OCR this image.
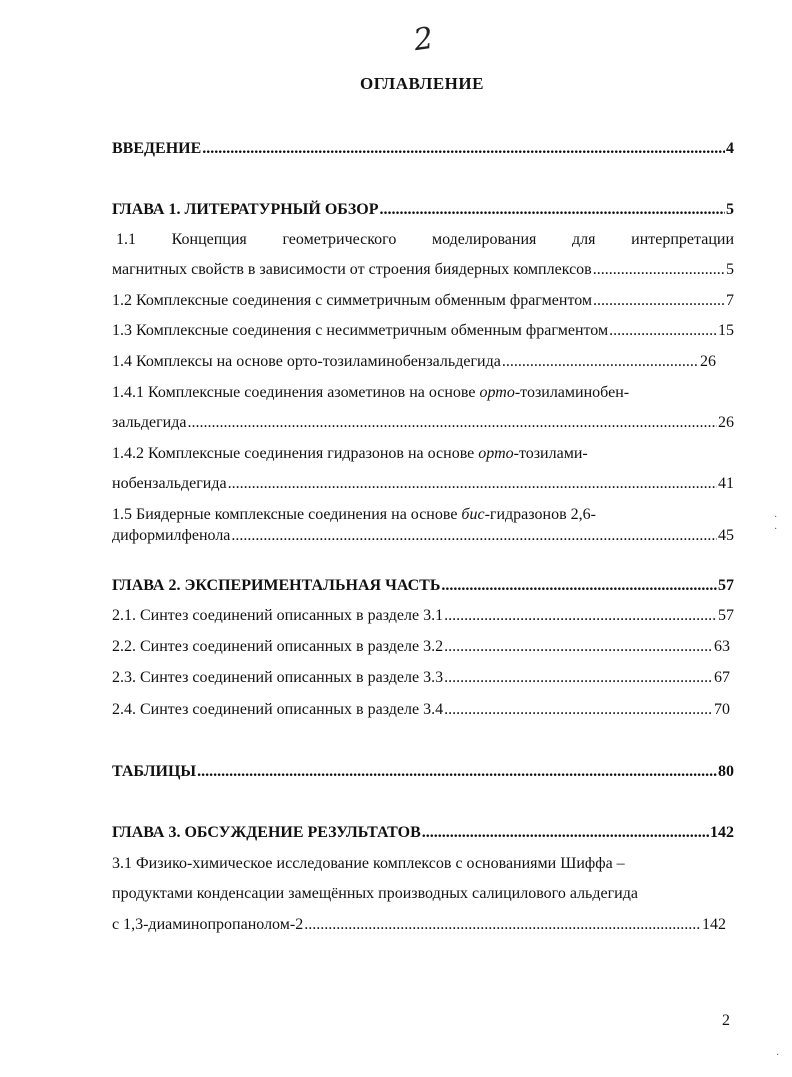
2
ОГЛАВЛЕНИЕ
ВВЕДЕНИЕ .....	4
ГЛАВА 1. ЛИТЕРАТУРНЫЙ ОБЗОР .....	5
1.1 Концепция геометрического моделирования для интерпретации
магнитных свойств в зависимости от строения биядерных комплексов .....	5
1.2 Комплексные соединения с симметричным обменным фрагментом .....	7
1.3 Комплексные соединения с несимметричным обменным фрагментом .....	15
1.4 Комплексы на основе орто-тозиламинобензальдегида .....	26
1.4.1 Комплексные соединения азометинов на основе орто-тозиламинобен-
зальдегида .....	26
1.4.2 Комплексные соединения гидразонов на основе орто-тозилами-
нобензальдегида .....	41
1.5 Биядерные комплексные соединения на основе бис-гидразонов 2,6-
диформилфенола .....	45
ГЛАВА 2. ЭКСПЕРИМЕНТАЛЬНАЯ ЧАСТЬ .....	57
2.1. Синтез соединений описанных в разделе 3.1 .....	57
2.2. Синтез соединений описанных в разделе 3.2 .....	63
2.3. Синтез соединений описанных в разделе 3.3 .....	67
2.4. Синтез соединений описанных в разделе 3.4 .....	70
ТАБЛИЦЫ .....	80
ГЛАВА 3. ОБСУЖДЕНИЕ РЕЗУЛЬТАТОВ .....	142
3.1 Физико-химическое исследование комплексов с основаниями Шиффа –
продуктами конденсации замещённых производных салицилового альдегида
с 1,3-диаминопропанолом-2 .....	142
2
·
·
·
